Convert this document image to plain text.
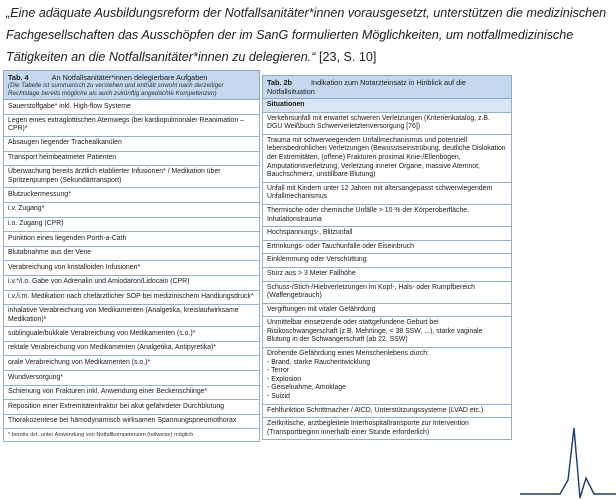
„Eine adäquate Ausbildungsreform der Notfallsanitäter*innen vorausgesetzt, unterstützen die medizinischen Fachgesellschaften das Ausschöpfen der im SanG formulierten Möglichkeiten, um notfallmedizinische Tätigkeiten an die Notfallsanitäter*innen zu delegieren.“ [23, S. 10]
Tab. 4	An Notfallsanitäter*innen delegierbare Aufgaben
(Die Tabelle ist summarisch zu verstehen und enthält sowohl nach derzeitiger Rechtslage bereits mögliche als auch zukünftig angedachte Kompetenzen)
Sauerstoffgabe* inkl. High-flow Systeme
Legen eines extraglottischen Atemwegs (bei kardiopulmonaler Reanimation – CPR)*
Absaugen liegender Trachealkanülen
Transport heimbeatmeter Patienten
Überwachung bereits ärztlich etablierter Infusionen* / Medikation über Spritzenpumpen (Sekundärtransport)
Blutzuckermessung*
i.v. Zugang*
i.o. Zugang (CPR)
Punktion eines liegenden Porth-a-Cath
Blutabnahme aus der Vene
Verabreichung von kristalloiden Infusionen*
i.v.*/i.o. Gabe von Adrenalin und Amiodaron/Lidocain (CPR)
i.v./i.m. Medikation nach chefärztlicher SOP bei medizinischem Handlungsdruck*
inhalative Verabreichung von Medikamenten (Analgetika, kreislaufwirksame Medikation)*
sublinguale/bukkale Verabreichung von Medikamenten (s.o.)*
rektale Verabreichung von Medikamenten (Analgetika, Antipyretika)*
orale Verabreichung von Medikamenten (s.o.)*
Wundversorgung*
Schienung von Frakturen inkl. Anwendung einer Beckenschlinge*
Reposition einer Extremitätenfraktur bei akut gefährdeter Durchblutung
Thorakozentese bei hämodynamisch wirksamen Spannungspneumothorax
* bereits dzt. unter Anwendung von Notfallkompetenzen (teilweise) möglich
Tab. 2b	Indikation zum Notarzteinsatz in Hinblick auf die Notfallsituation
Situationen
Verkehrsunfall mit erwartet schweren Verletzungen (Kriterienkatalog, z.B. DGU Weißbuch Schwerverletztenversorgung [76])
Trauma mit schwerwiegendem Unfallmechanismus und potenziell lebensbedrohlichen Verletzungen (Bewusstseinstrübung, deutliche Dislokation der Extremitäten, (offene) Frakturen proximal Knie-/Ellenbogen, Amputationsverletzung, Verletzung innerer Organe, massive Atemnot, Bauchschmerz, unstillbare Blutung)
Unfall mit Kindern unter 12 Jahren mit altersangepasst schwerwiegendem Unfallmechanismus
Thermische oder chemische Unfälle > 10 % der Körperoberfläche, Inhalationstrauma
Hochspannungs-, Blitzunfall
Ertrinkungs- oder Tauchunfälle oder Eiseinbruch
Einklemmung oder Verschüttung
Sturz aus > 3 Meter Fallhöhe
Schuss-/Stich-/Hiebverletzungen im Kopf-, Hals- oder Rumpfbereich (Waffengebrauch)
Vergiftungen mit vitaler Gefährdung
Unmittelbar einsetzende oder stattgefundene Geburt bei Risikoschwangerschaft (z.B. Mehrlinge, < 38 SSW, ...), starke vaginale Blutung in der Schwangerschaft (ab 22. SSW)
Drohende Gefährdung eines Menschenlebens durch:
- Brand, starke Rauchentwicklung
- Terror
- Explosion
- Geiselnahme, Amoklage
- Suizid
Fehlfunktion Schrittmacher / AICD, Unterstützungssysteme (LVAD etc.)
Zeitkritische, arztbegleitete Interhospitaltransporte zur Intervention (Transportbeginn innerhalb einer Stunde erforderlich)
